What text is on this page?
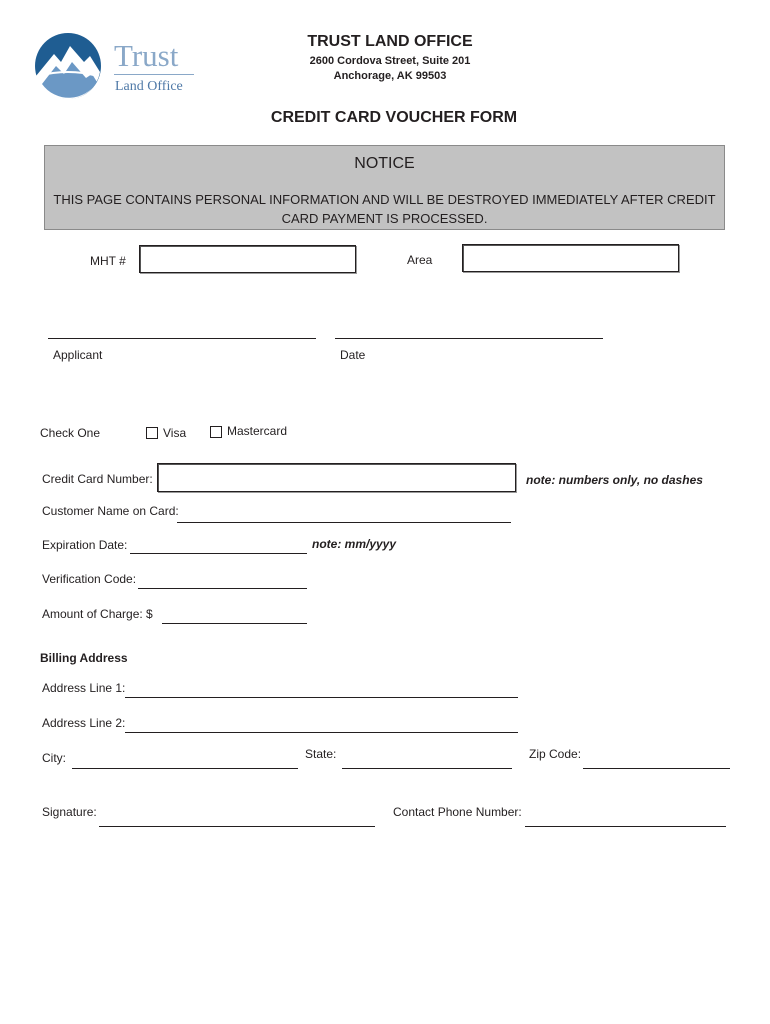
Trust
Land Office
TRUST LAND OFFICE
2600 Cordova Street, Suite 201
Anchorage, AK 99503
CREDIT CARD VOUCHER FORM
NOTICE
THIS PAGE CONTAINS PERSONAL INFORMATION AND WILL BE DESTROYED IMMEDIATELY AFTER CREDIT CARD PAYMENT IS PROCESSED.
MHT #	Area
Applicant	Date
Check One	Visa	Mastercard
Credit Card Number:	note: numbers only, no dashes
Customer Name on Card:
Expiration Date:	note: mm/yyyy
Verification Code:
Amount of Charge: $
Billing Address
Address Line 1:
Address Line 2:
City:	State:	Zip Code:
Signature:	Contact Phone Number:
